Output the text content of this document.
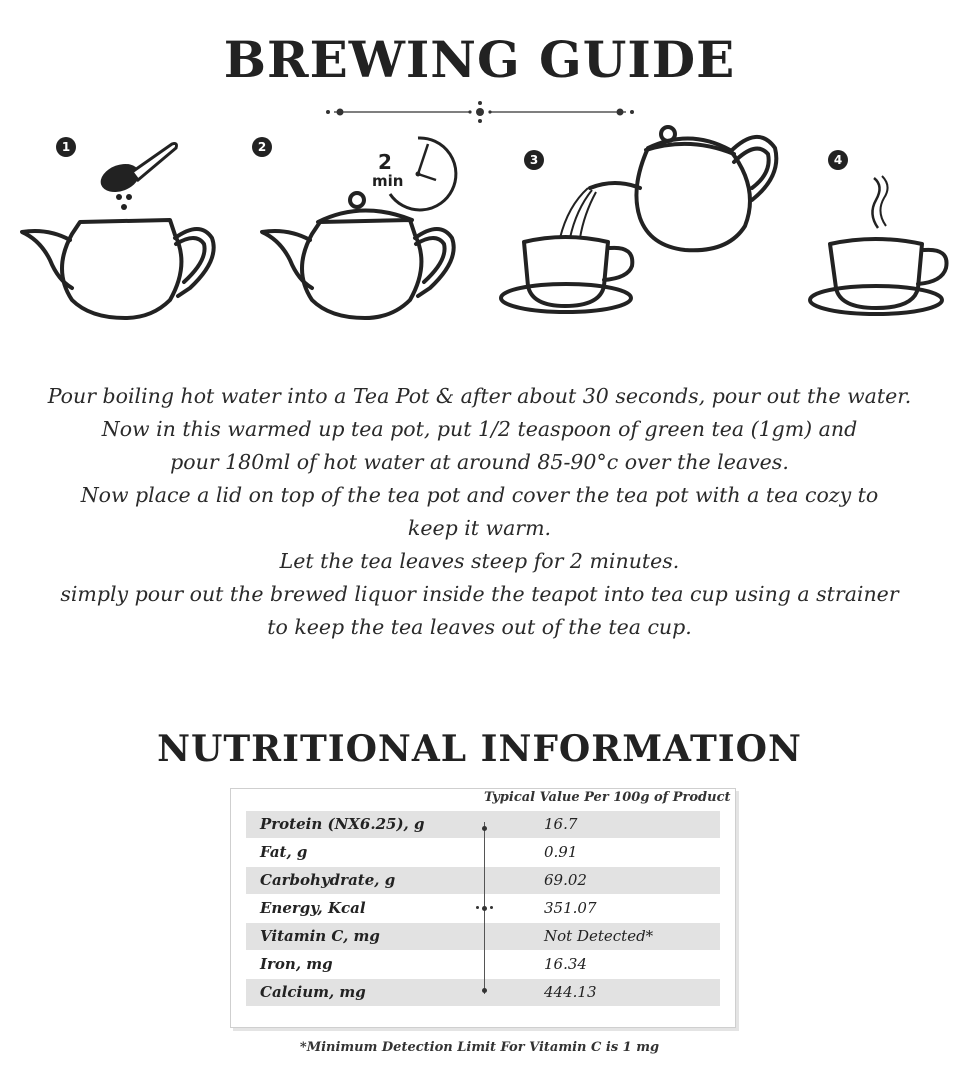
BREWING GUIDE
1	2
2
min
3	4
Pour boiling hot water into a Tea Pot & after about 30 seconds, pour out the water.
Now in this warmed up tea pot, put 1/2 teaspoon of green tea (1gm) and
pour 180ml of hot water at around 85-90°c over the leaves.
Now place a lid on top of the tea pot and cover the tea pot with a tea cozy to
keep it warm.
Let the tea leaves steep for 2 minutes.
simply pour out the brewed liquor inside the teapot into tea cup using a strainer
to keep the tea leaves out of the tea cup.
NUTRITIONAL INFORMATION
Typical Value Per 100g of Product
Protein (NX6.25), g	16.7
Fat, g	0.91
Carbohydrate, g	69.02
Energy, Kcal	351.07
Vitamin C, mg	Not Detected*
Iron, mg	16.34
Calcium, mg	444.13
*Minimum Detection Limit For Vitamin C is 1 mg
